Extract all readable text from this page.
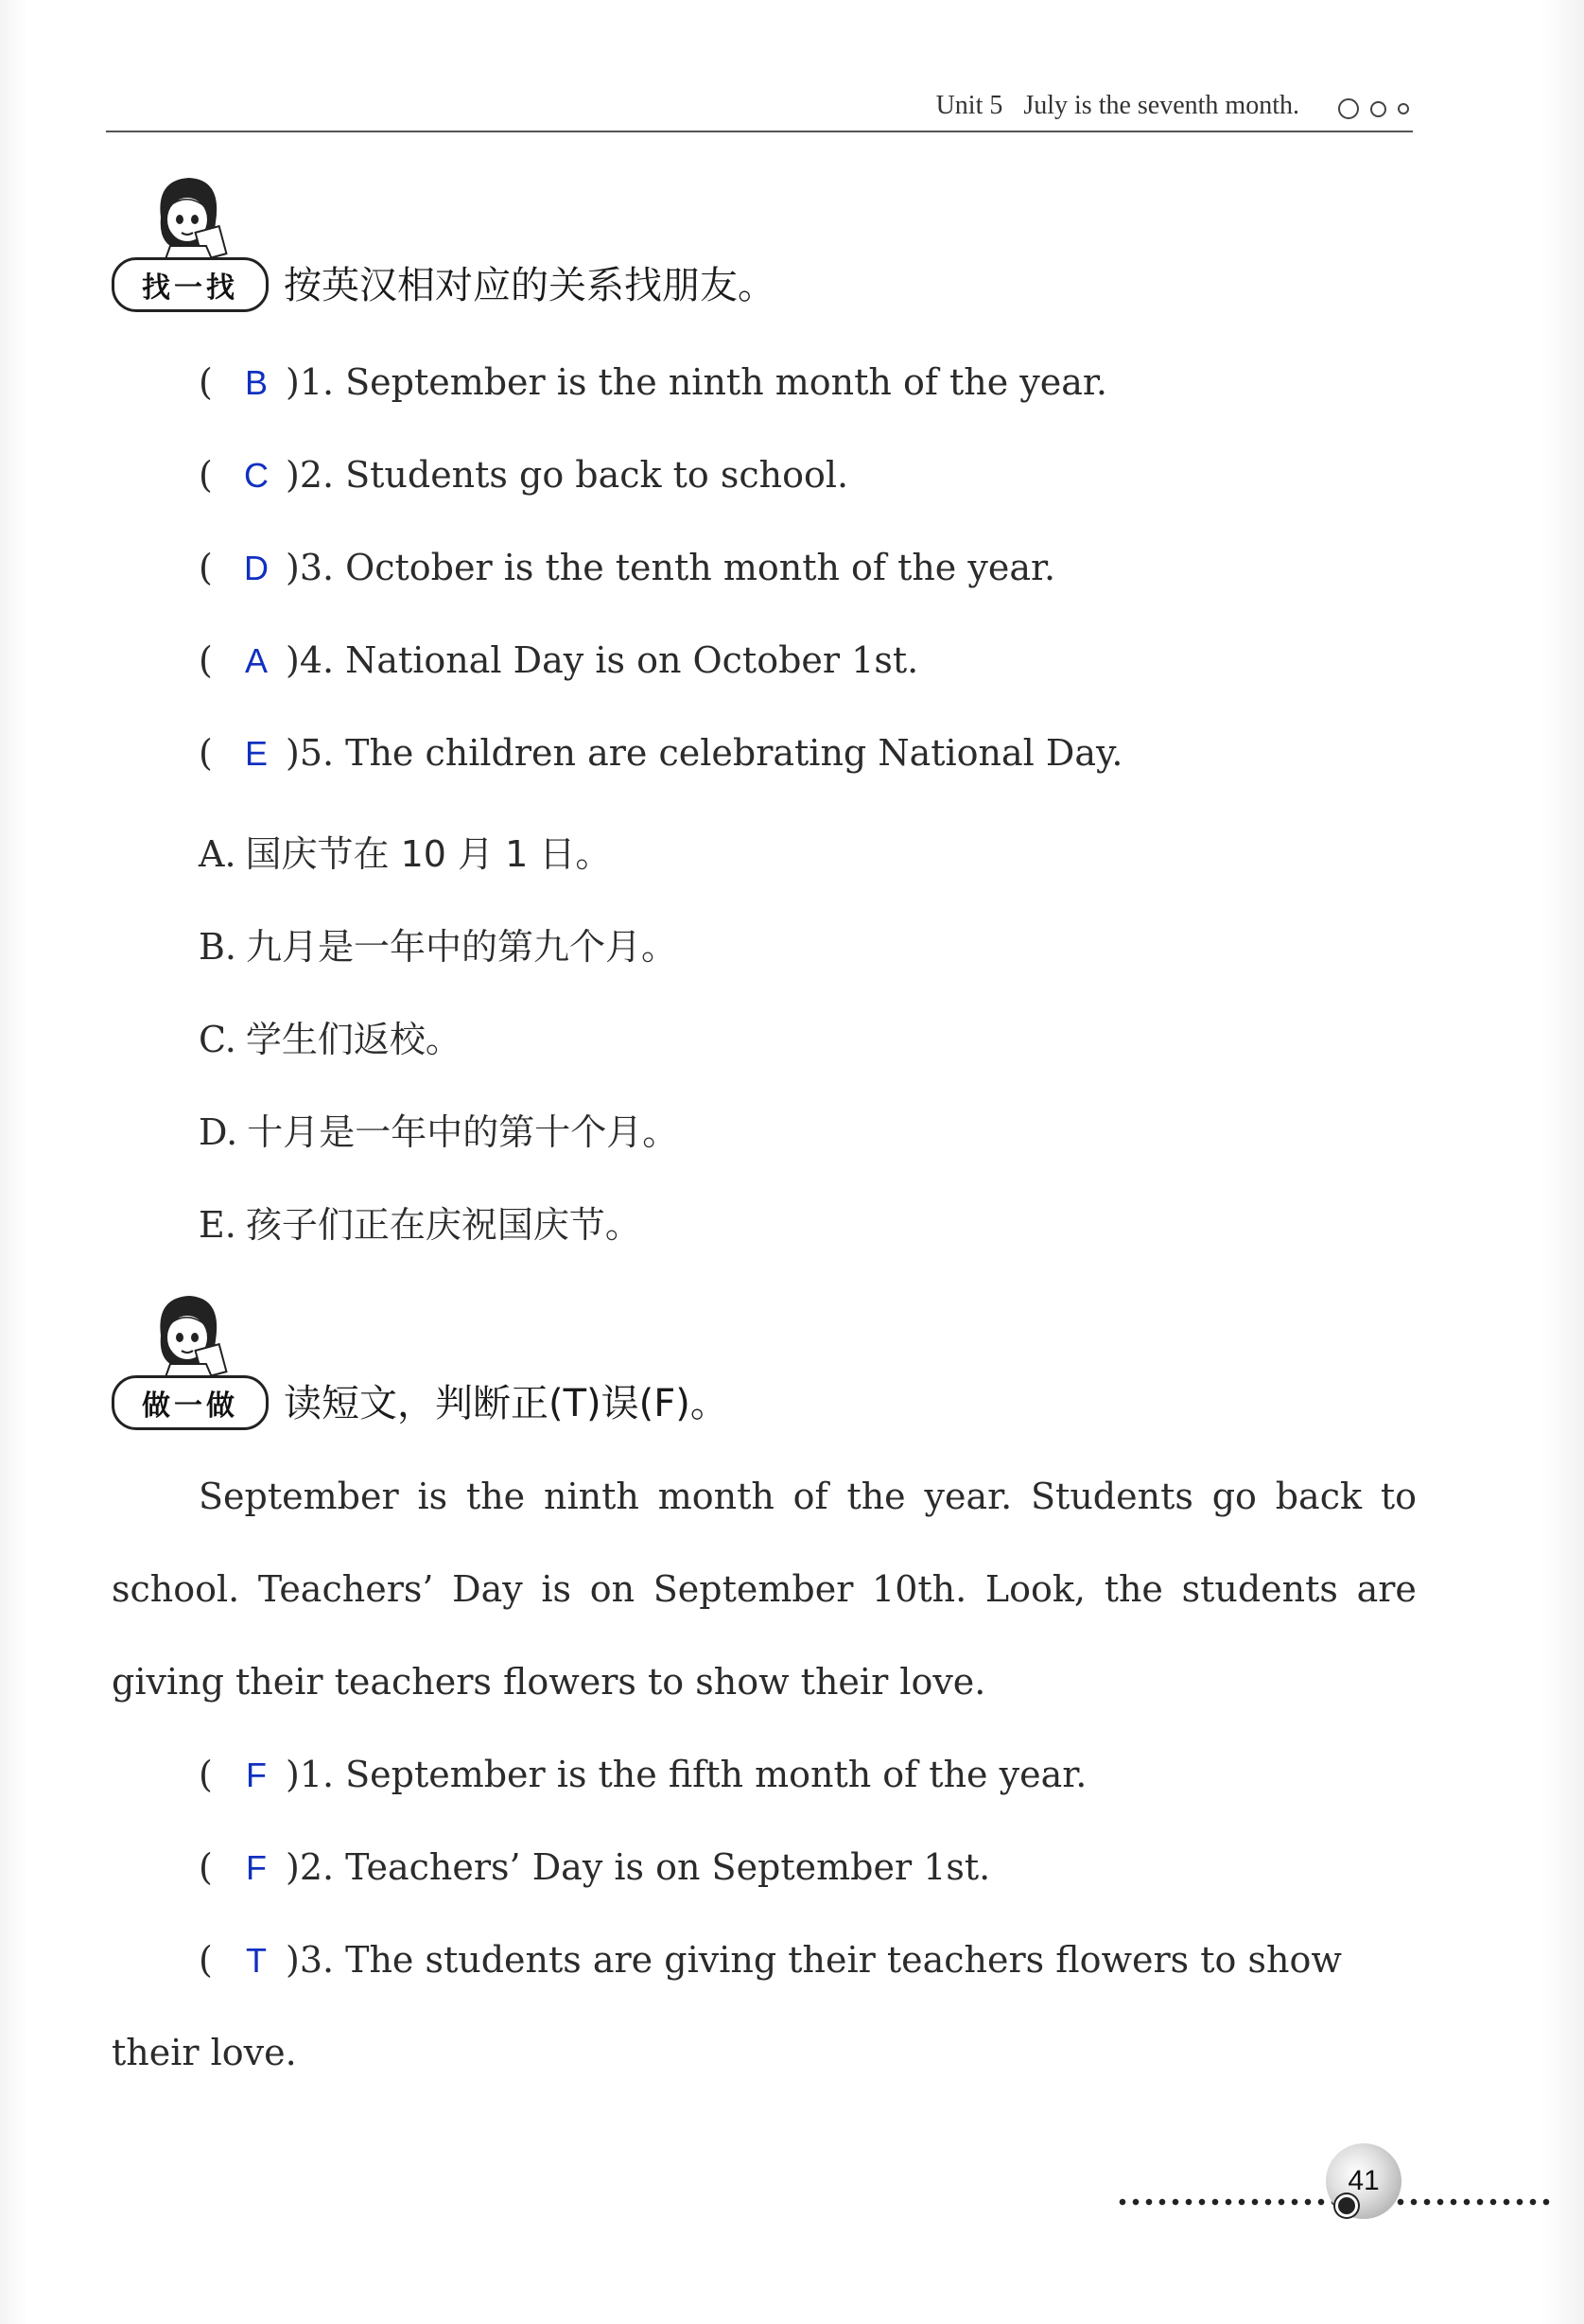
Unit 5 July is the seventh month.
找一找	按英汉相对应的关系找朋友。
( B )1. September is the ninth month of the year.
( C )2. Students go back to school.
( D )3. October is the tenth month of the year.
( A )4. National Day is on October 1st.
( E )5. The children are celebrating National Day.
A. 国庆节在 10 月 1 日。
B. 九月是一年中的第九个月。
C. 学生们返校。
D. 十月是一年中的第十个月。
E. 孩子们正在庆祝国庆节。
做一做	读短文，判断正(T)误(F)。
September is the ninth month of the year. Students go back to
school. Teachers’ Day is on September 10th. Look, the students are
giving their teachers flowers to show their love.
( F )1. September is the fifth month of the year.
( F )2. Teachers’ Day is on September 1st.
( T )3. The students are giving their teachers flowers to show
their love.
41
